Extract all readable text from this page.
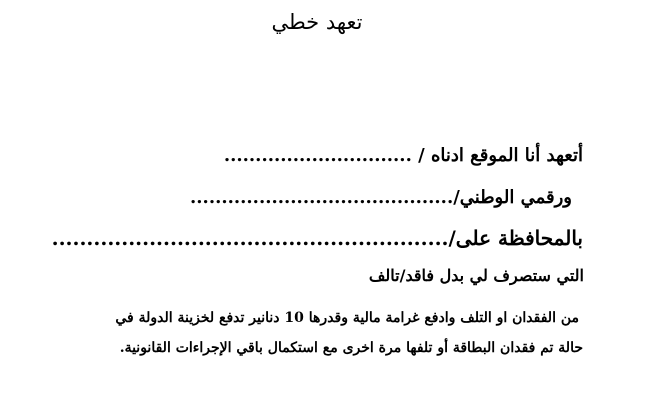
تعهد خطي
أتعهد أنا الموقع ادناه / ..............................
ورقمي الوطني/..........................................
بالمحافظة على/.........................................................
التي ستصرف لي بدل فاقد/تالف
من الفقدان او التلف وادفع غرامة مالية وقدرها 10 دنانير تدفع لخزينة الدولة في
حالة تم فقدان البطاقة أو تلفها مرة اخرى مع استكمال باقي الإجراءات القانونية.
